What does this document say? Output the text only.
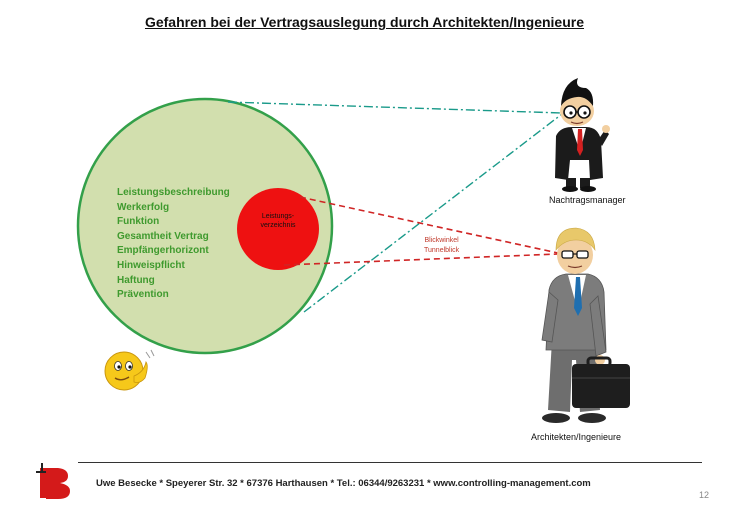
Gefahren bei der Vertragsauslegung durch Architekten/Ingenieure
Leistungsbeschreibung
Werkerfolg
Funktion
Gesamtheit Vertrag
Empfängerhorizont
Hinweispflicht
Haftung
Prävention
Leistungs-
verzeichnis
Blickwinkel
Tunnelblick
Nachtragsmanager
Architekten/Ingenieure
Uwe Besecke * Speyerer Str. 32 * 67376 Harthausen * Tel.: 06344/9263231 * www.controlling-management.com
12
